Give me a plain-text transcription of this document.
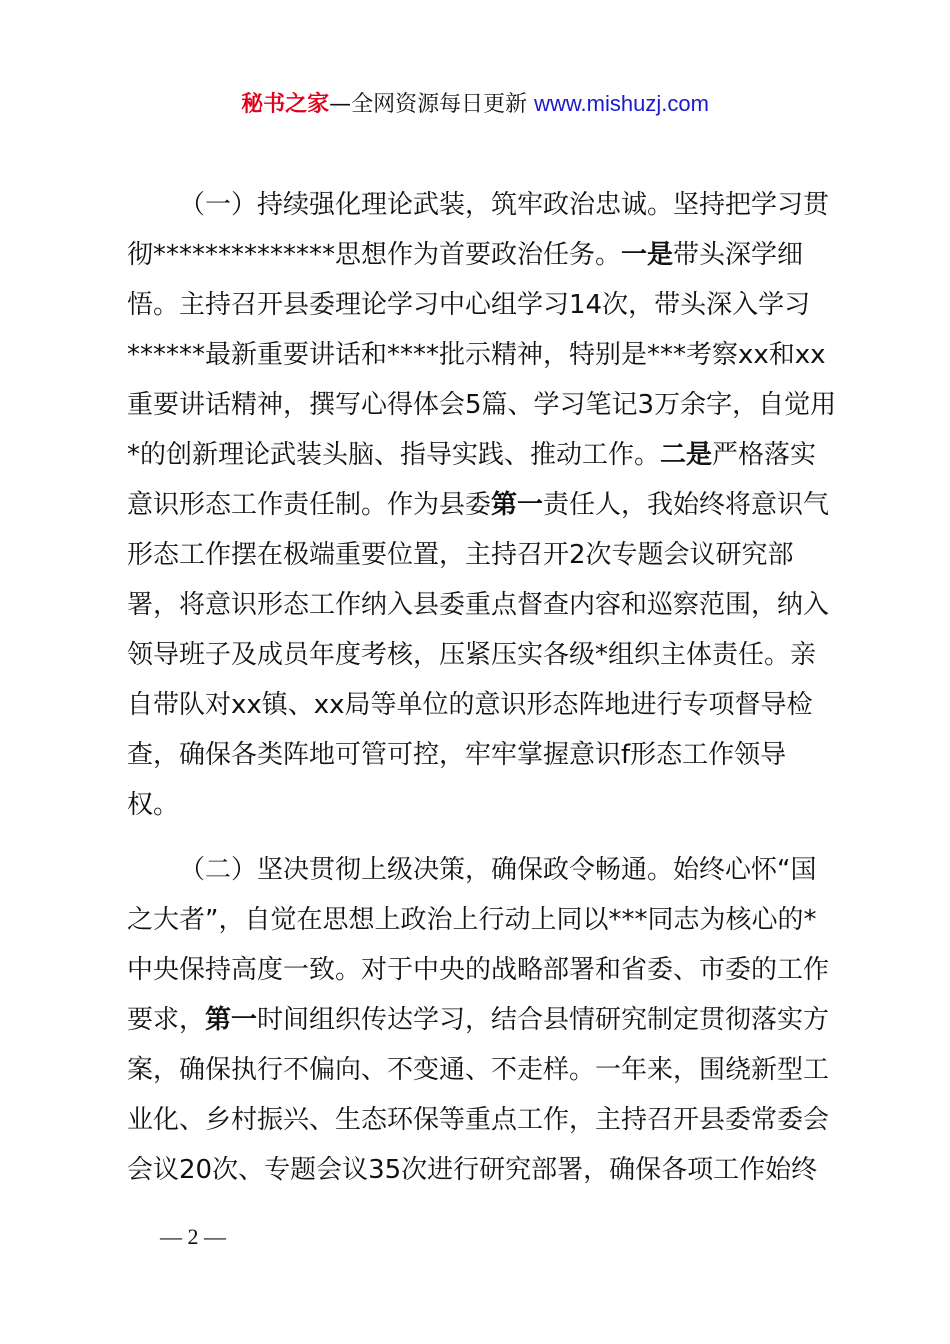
秘书之家—全网资源每日更新 www.mishuzj.com

（一）持续强化理论武装，筑牢政治忠诚。坚持把学习贯彻**************思想作为首要政治任务。一是带头深学细悟。主持召开县委理论学习中心组学习14次，带头深入学习******最新重要讲话和****批示精神，特别是***考察xx和xx重要讲话精神，撰写心得体会5篇、学习笔记3万余字，自觉用*的创新理论武装头脑、指导实践、推动工作。二是严格落实意识形态工作责任制。作为县委第一责任人，我始终将意识气形态工作摆在极端重要位置，主持召开2次专题会议研究部署，将意识形态工作纳入县委重点督查内容和巡察范围，纳入领导班子及成员年度考核，压紧压实各级*组织主体责任。亲自带队对xx镇、xx局等单位的意识形态阵地进行专项督导检查，确保各类阵地可管可控，牢牢掌握意识f形态工作领导权。

（二）坚决贯彻上级决策，确保政令畅通。始终心怀“国之大者”，自觉在思想上政治上行动上同以***同志为核心的*中央保持高度一致。对于中央的战略部署和省委、市委的工作要求，第一时间组织传达学习，结合县情研究制定贯彻落实方案，确保执行不偏向、不变通、不走样。一年来，围绕新型工业化、乡村振兴、生态环保等重点工作，主持召开县委常委会会议20次、专题会议35次进行研究部署，确保各项工作始终

— 2 —
